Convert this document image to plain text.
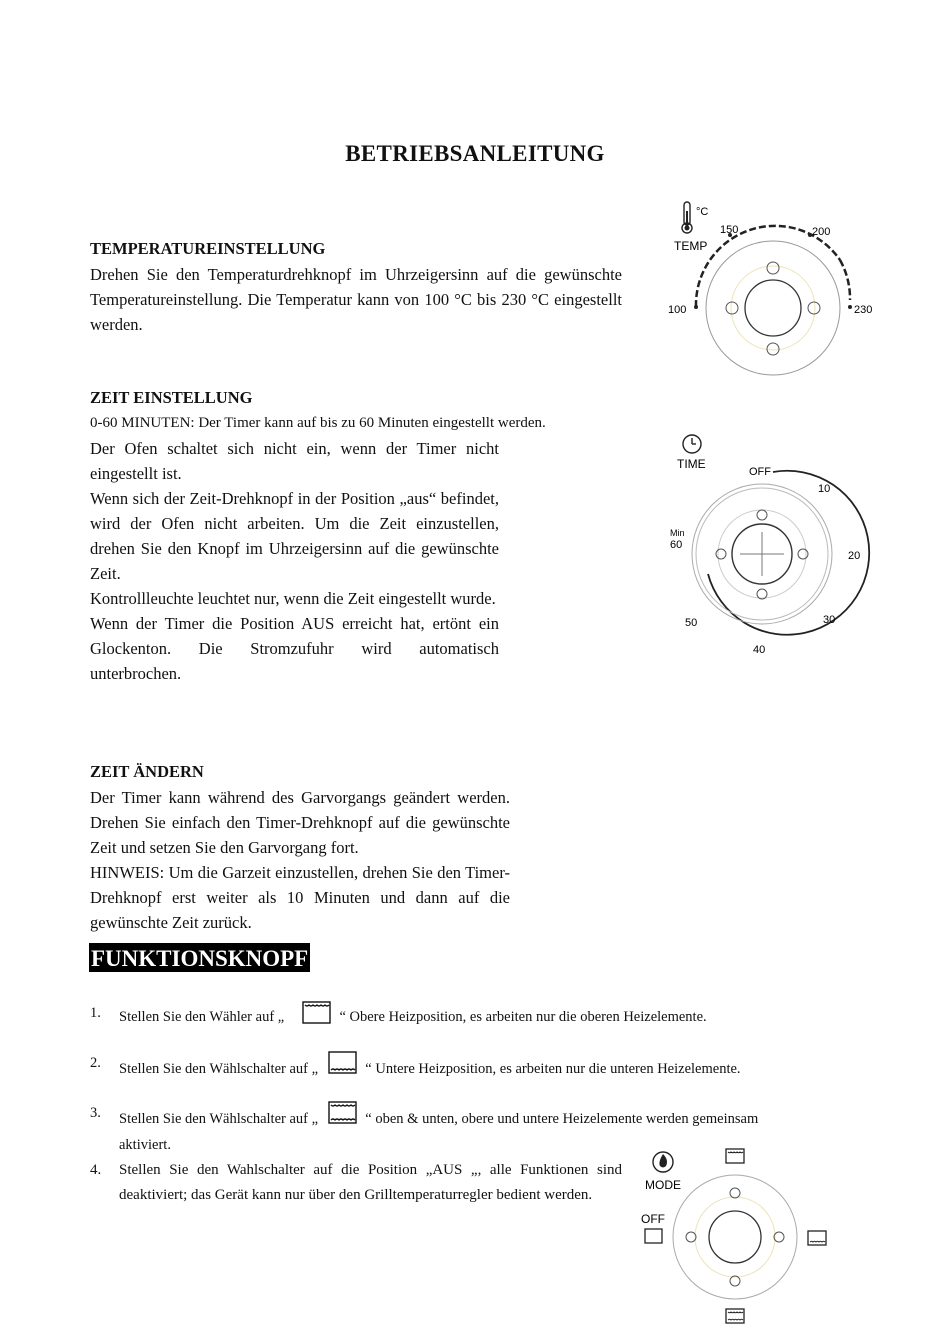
BETRIEBSANLEITUNG
TEMPERATUREINSTELLUNG

Drehen Sie den Temperaturdrehknopf im Uhrzeigersinn auf die gewünschte Temperatureinstellung. Die Temperatur kann von 100 °C bis 230 °C eingestellt werden.

°C
TEMP
100
150	200
230
ZEIT EINSTELLUNG
0-60 MINUTEN: Der Timer kann auf bis zu 60 Minuten eingestellt werden.

Der Ofen schaltet sich nicht ein, wenn der Timer nicht eingestellt ist.

Wenn sich der Zeit-Drehknopf in der Position „aus“ befindet, wird der Ofen nicht arbeiten. Um die Zeit einzustellen, drehen Sie den Knopf im Uhrzeigersinn auf die gewünschte Zeit.

Kontrollleuchte leuchtet nur, wenn die Zeit eingestellt wurde.

Wenn der Timer die Position AUS erreicht hat, ertönt ein Glockenton. Die Stromzufuhr wird automatisch unterbrochen.

TIME
OFF
10
20
30
40
50
Min
60
ZEIT ÄNDERN

Der Timer kann während des Garvorgangs geändert werden. Drehen Sie einfach den Timer-Drehknopf auf die gewünschte Zeit und setzen Sie den Garvorgang fort.

HINWEIS: Um die Garzeit einzustellen, drehen Sie den Timer-Drehknopf erst weiter als 10 Minuten und dann auf die gewünschte Zeit zurück.

FUNKTIONSKNOPF
1. Stellen Sie den Wähler auf „	“ Obere Heizposition, es arbeiten nur die oberen Heizelemente.
2. Stellen Sie den Wählschalter auf „	“ Untere Heizposition, es arbeiten nur die unteren Heizelemente.
3. Stellen Sie den Wählschalter auf „	“ oben & unten, obere und untere Heizelemente werden gemeinsam
aktiviert.
4. Stellen Sie den Wahlschalter auf die Position „AUS „, alle Funktionen sind deaktiviert; das Gerät kann nur über den Grilltemperaturregler bedient werden.
MODE
OFF
